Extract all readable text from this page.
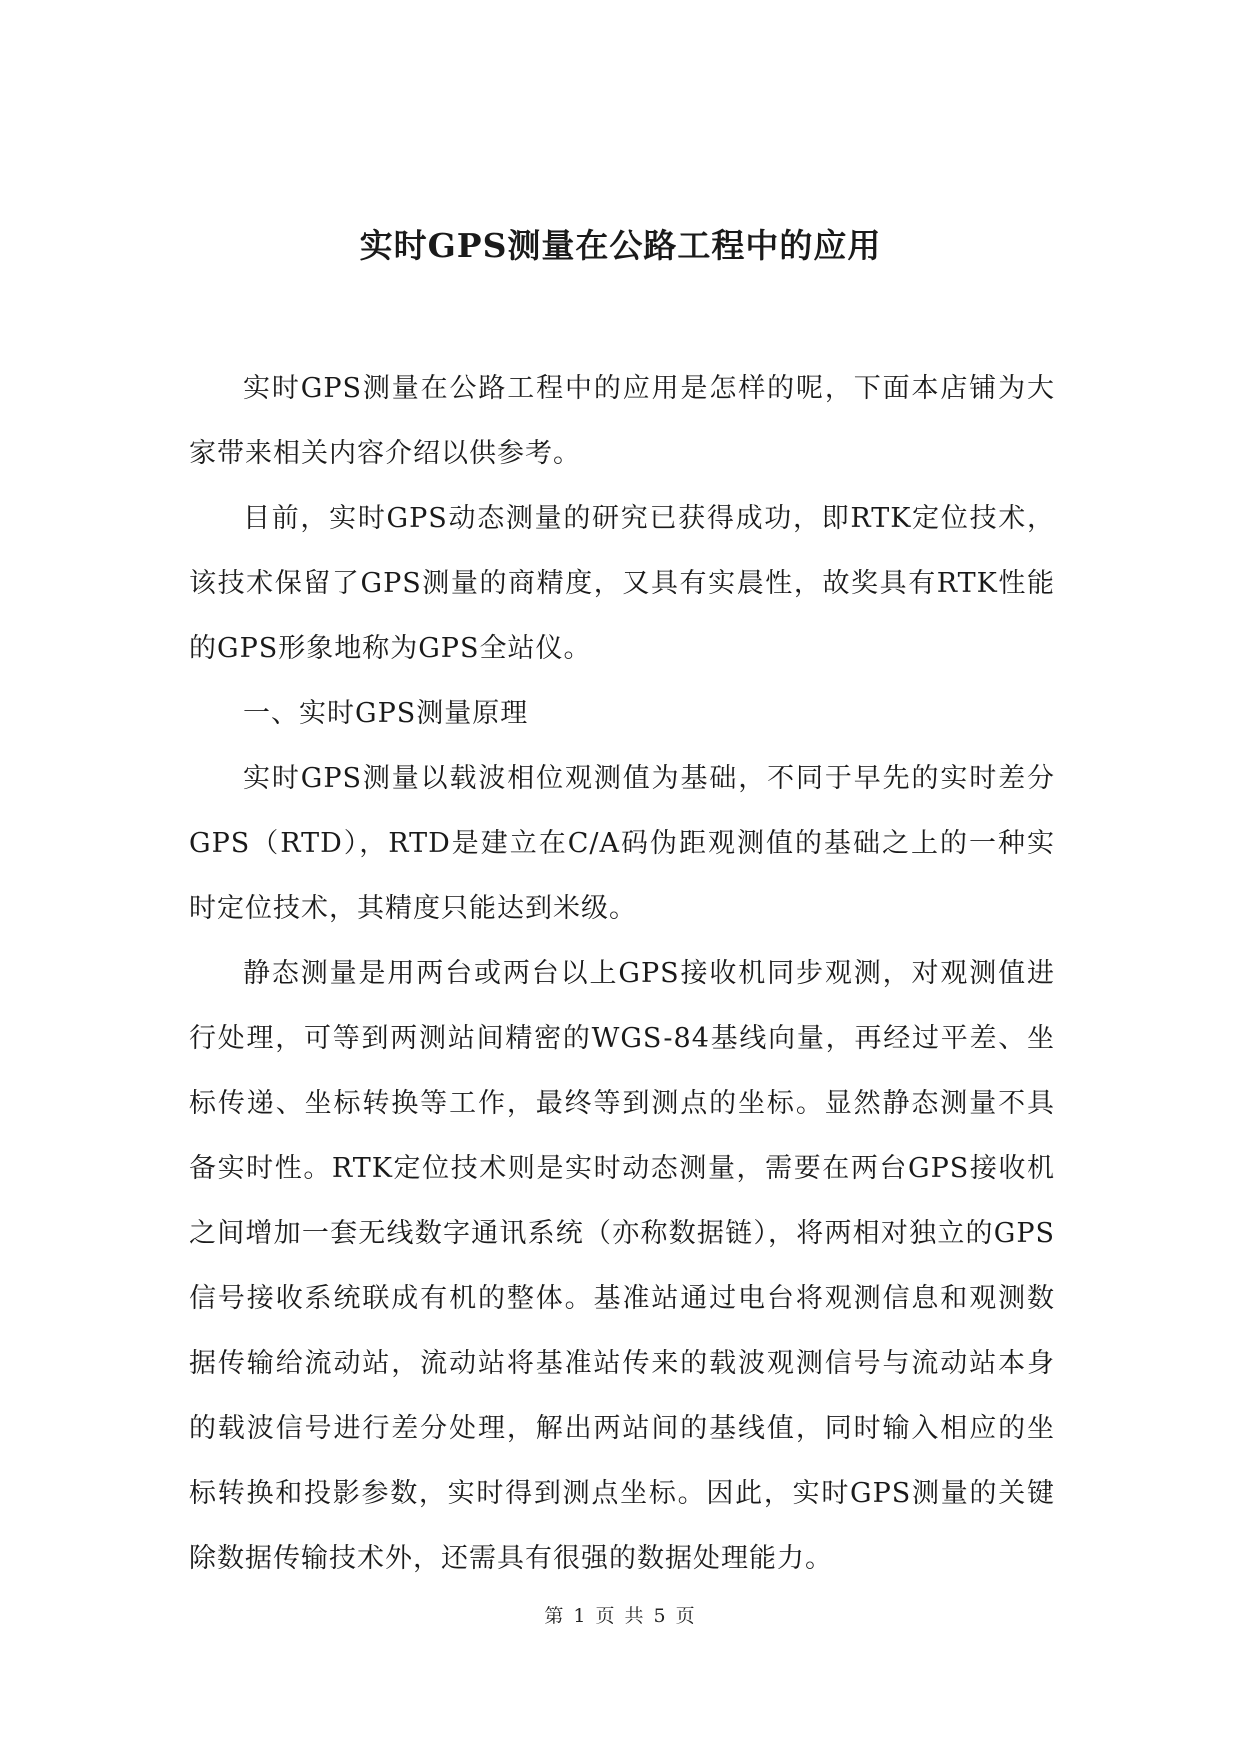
实时GPS测量在公路工程中的应用

实时GPS测量在公路工程中的应用是怎样的呢，下面本店铺为大家带来相关内容介绍以供参考。

目前，实时GPS动态测量的研究已获得成功，即RTK定位技术，该技术保留了GPS测量的商精度，又具有实晨性，故奖具有RTK性能的GPS形象地称为GPS全站仪。

一、实时GPS测量原理

实时GPS测量以载波相位观测值为基础，不同于早先的实时差分GPS（RTD），RTD是建立在C/A码伪距观测值的基础之上的一种实时定位技术，其精度只能达到米级。

静态测量是用两台或两台以上GPS接收机同步观测，对观测值进行处理，可等到两测站间精密的WGS-84基线向量，再经过平差、坐标传递、坐标转换等工作，最终等到测点的坐标。显然静态测量不具备实时性。RTK定位技术则是实时动态测量，需要在两台GPS接收机之间增加一套无线数字通讯系统（亦称数据链），将两相对独立的GPS信号接收系统联成有机的整体。基准站通过电台将观测信息和观测数据传输给流动站，流动站将基准站传来的载波观测信号与流动站本身的载波信号进行差分处理，解出两站间的基线值，同时输入相应的坐标转换和投影参数，实时得到测点坐标。因此，实时GPS测量的关键除数据传输技术外，还需具有很强的数据处理能力。

第 1 页 共 5 页
